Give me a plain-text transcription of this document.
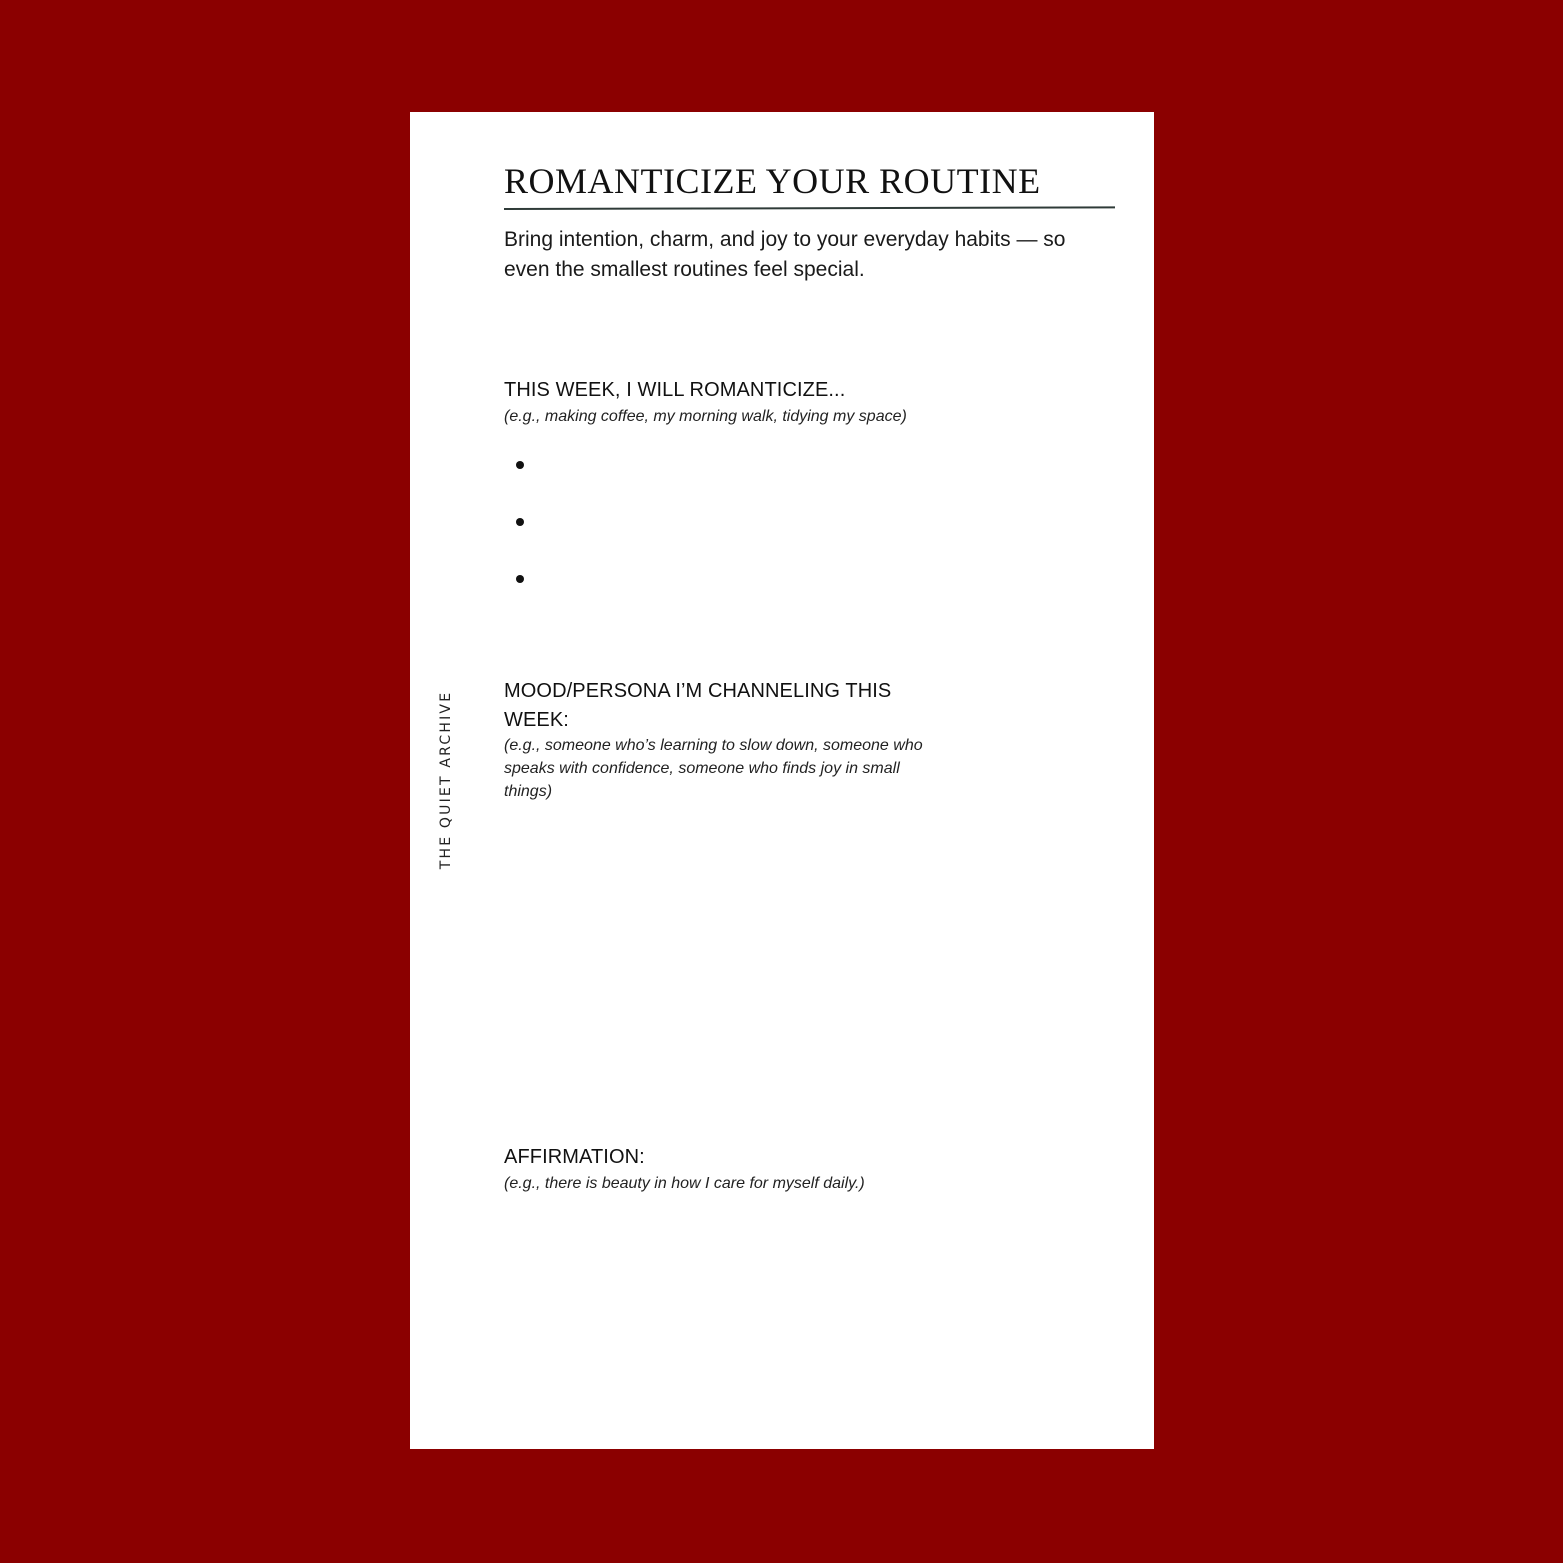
THE QUIET ARCHIVE
ROMANTICIZE YOUR ROUTINE
Bring intention, charm, and joy to your everyday habits — so even the smallest routines feel special.
THIS WEEK, I WILL ROMANTICIZE...
(e.g., making coffee, my morning walk, tidying my space)
MOOD/PERSONA I’M CHANNELING THIS WEEK:
(e.g., someone who’s learning to slow down, someone who speaks with confidence, someone who finds joy in small things)
AFFIRMATION:
(e.g., there is beauty in how I care for myself daily.)
